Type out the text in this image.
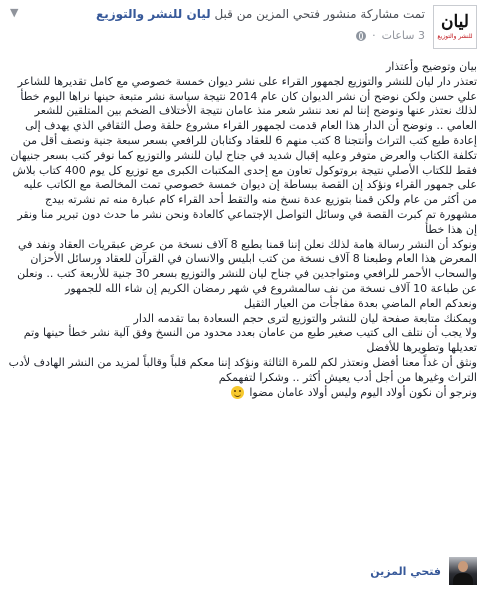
ليان
للنشر والتوزيع
تمت مشاركة منشور فتحي المزين من قبل ليان للنشر والتوزيع
3 ساعات
·
▼

بيان وتوضيح وأعتذار

تعتذر دار ليان للنشر والتوزيع لجمهور القراء على نشر ديوان خمسة خصوصي مع كامل تقديرها للشاعر علي حسن ولكن نوضح أن نشر الديوان كان عام 2014 نتيجة سياسة نشر متبعة حينها نراها اليوم خطأ لذلك نعتذر عنها ونوضح إننا لم نعد ننشر شعر منذ عامان نتيجة الأختلاف الضخم بين المتلقين للشعر العامي .. ونوضح أن الدار هذا العام قدمت لجمهور القراء مشروع حلقة وصل الثقافي الذي يهدف إلى إعادة طبع كتب التراث وأنتجنا 8 كتب منهم 6 للعقاد وكتابان للرافعي بسعر سبعة جنية ونصف أقل من تكلفة الكتاب والعرض متوفر وعليه إقبال شديد في جناح ليان للنشر والتوزيع كما نوفر كتب بسعر جنيهان فقط للكتاب الأصلي نتيجة بروتوكول تعاون مع إحدى المكتبات الكبرى مع توزيع كل يوم 400 كتاب بلاش على جمهور القراء ونؤكد إن القصة ببساطة إن ديوان خمسة خصوصي تمت المخالصة مع الكاتب عليه من أكثر من عام ولكن قمنا بتوزيع عدة نسخ منه والتقط أحد القراء كام عبارة منه تم نشرته بيدج مشهورة تم كبرت القصة في وسائل التواصل الإجتماعي كالعادة ونحن نشر ما حدث دون تبرير منا ونقر إن هذا خطأ

ونوكد أن النشر رسالة هامة لذلك نعلن إننا قمنا بطبع 8 آلاف نسخة من عرض عبقريات العقاد ونفد في المعرض هذا العام وطبعنا 8 آلاف نسخة من كتب ابليس والانسان في القرآن للعقاد ورسائل الأحزان والسحاب الأحمر للرافعي ومتواجدين في جناح ليان للنشر والتوزيع بسعر 30 جنية للأربعة كتب .. ونعلن عن طباعة 10 آلاف نسخة من نف سالمشروع في شهر رمضان الكريم إن شاء الله للجمهور

ونعدكم العام الماضي بعدة مفاجأت من العيار الثقيل

ويمكنك متابعة صفحة ليان للنشر والتوزيع لترى حجم السعادة بما تقدمه الدار

ولا يجب أن نتلف الى كتيب صغير طبع من عامان بعدد محدود من النسخ وفق آلية نشر خطأ حينها وتم تعديلها وتطويرها للأفضل

ونثق أن غداً معنا أفضل ونعتذر لكم للمرة الثالثة ونؤكد إننا معكم قلباً وقالباً لمزيد من النشر الهادف لأدب التراث وغيرها من أجل أدب يعيش أكثر .. وشكرا لتفهمكم

ونرجو أن نكون أولاد اليوم وليس أولاد عامان مضوا

فتحي المزين
